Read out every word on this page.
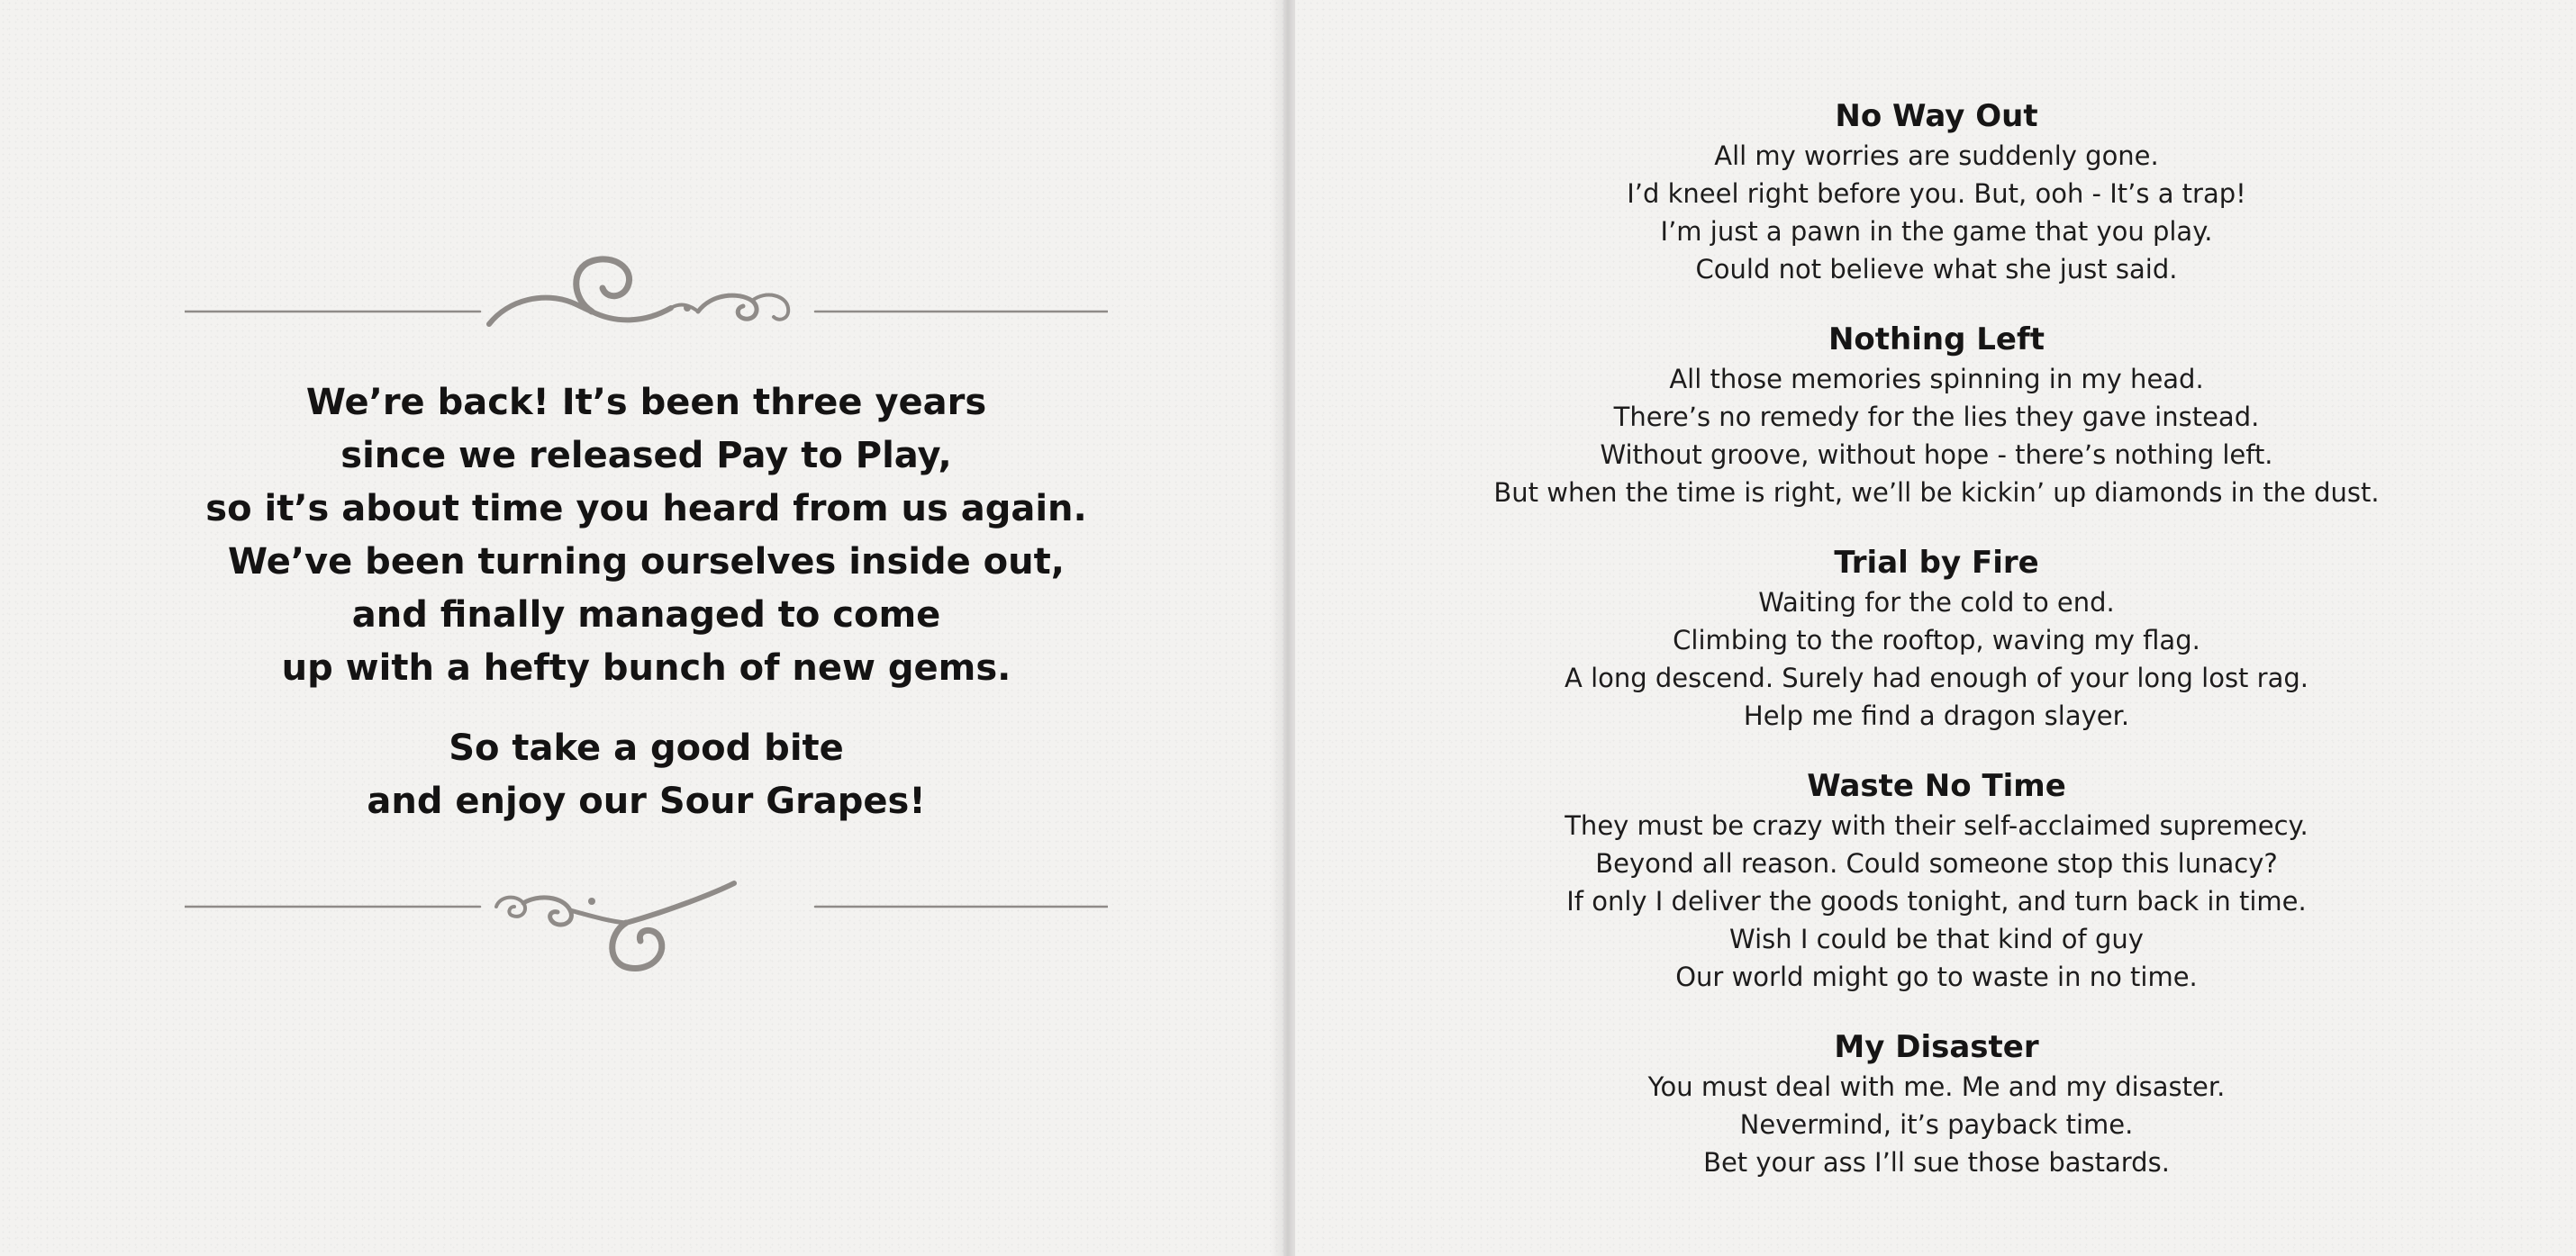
We’re back! It’s been three years

since we released Pay to Play,

so it’s about time you heard from us again.

We’ve been turning ourselves inside out,

and finally managed to come

up with a hefty bunch of new gems.

So take a good bite

and enjoy our Sour Grapes!

No Way Out
All my worries are suddenly gone.
I’d kneel right before you. But, ooh - It’s a trap!
I’m just a pawn in the game that you play.
Could not believe what she just said.
Nothing Left
All those memories spinning in my head.
There’s no remedy for the lies they gave instead.
Without groove, without hope - there’s nothing left.
But when the time is right, we’ll be kickin’ up diamonds in the dust.
Trial by Fire
Waiting for the cold to end.
Climbing to the rooftop, waving my flag.
A long descend. Surely had enough of your long lost rag.
Help me find a dragon slayer.
Waste No Time
They must be crazy with their self-acclaimed supremecy.
Beyond all reason. Could someone stop this lunacy?
If only I deliver the goods tonight, and turn back in time.
Wish I could be that kind of guy
Our world might go to waste in no time.
My Disaster
You must deal with me. Me and my disaster.
Nevermind, it’s payback time.
Bet your ass I’ll sue those bastards.
